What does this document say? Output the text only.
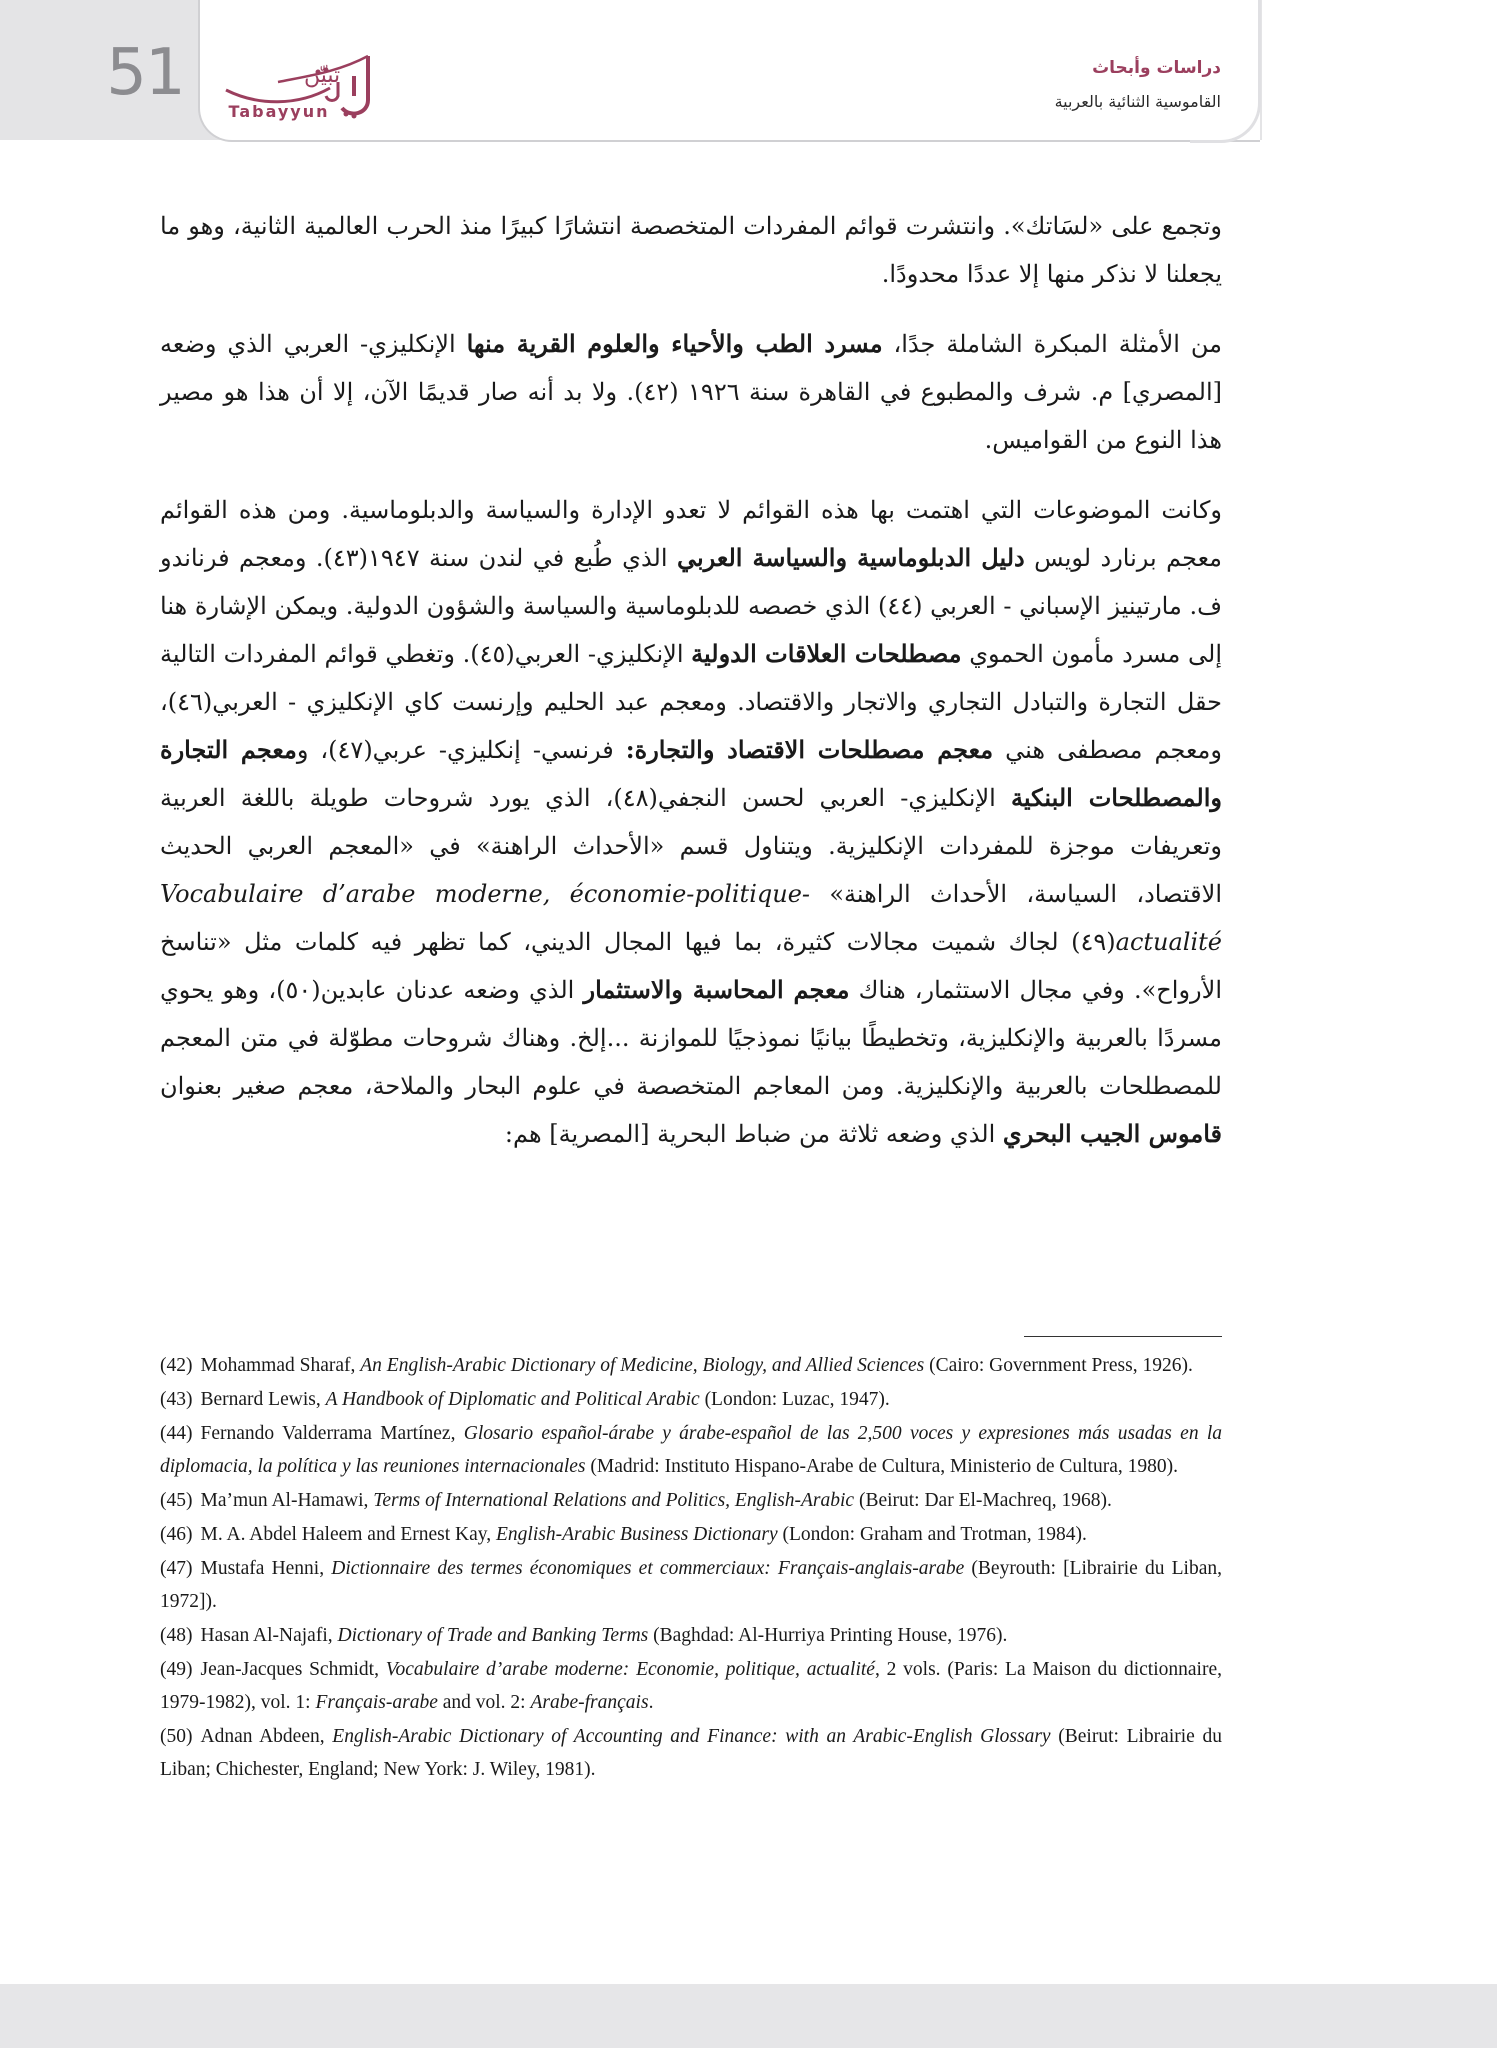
51	تبيّن
Tabayyun
دراسات وأبحاث
القاموسية الثنائية بالعربية

وتجمع على «لسَاتك». وانتشرت قوائم المفردات المتخصصة انتشارًا كبيرًا منذ الحرب العالمية الثانية، وهو ما يجعلنا لا نذكر منها إلا عددًا محدودًا.

من الأمثلة المبكرة الشاملة جدًا، مسرد الطب والأحياء والعلوم القرية منها الإنكليزي- العربي الذي وضعه [المصري] م. شرف والمطبوع في القاهرة سنة ١٩٢٦ (٤٢). ولا بد أنه صار قديمًا الآن، إلا أن هذا هو مصير هذا النوع من القواميس.

وكانت الموضوعات التي اهتمت بها هذه القوائم لا تعدو الإدارة والسياسة والدبلوماسية. ومن هذه القوائم معجم برنارد لويس دليل الدبلوماسية والسياسة العربي الذي طُبع في لندن سنة ١٩٤٧(٤٣). ومعجم فرناندو ف. مارتينيز الإسباني - العربي (٤٤) الذي خصصه للدبلوماسية والسياسة والشؤون الدولية. ويمكن الإشارة هنا إلى مسرد مأمون الحموي مصطلحات العلاقات الدولية الإنكليزي- العربي(٤٥). وتغطي قوائم المفردات التالية حقل التجارة والتبادل التجاري والاتجار والاقتصاد. ومعجم عبد الحليم وإرنست كاي الإنكليزي - العربي(٤٦)، ومعجم مصطفى هني معجم مصطلحات الاقتصاد والتجارة: فرنسي- إنكليزي- عربي(٤٧)، ومعجم التجارة والمصطلحات البنكية الإنكليزي- العربي لحسن النجفي(٤٨)، الذي يورد شروحات طويلة باللغة العربية وتعريفات موجزة للمفردات الإنكليزية. ويتناول قسم «الأحداث الراهنة» في «المعجم العربي الحديث الاقتصاد، السياسة، الأحداث الراهنة» Vocabulaire d’arabe moderne, économie-politique-actualité(٤٩) لجاك شميت مجالات كثيرة، بما فيها المجال الديني، كما تظهر فيه كلمات مثل «تناسخ الأرواح». وفي مجال الاستثمار، هناك معجم المحاسبة والاستثمار الذي وضعه عدنان عابدين(٥٠)، وهو يحوي مسردًا بالعربية والإنكليزية، وتخطيطًا بيانيًا نموذجيًا للموازنة ...إلخ. وهناك شروحات مطوّلة في متن المعجم للمصطلحات بالعربية والإنكليزية. ومن المعاجم المتخصصة في علوم البحار والملاحة، معجم صغير بعنوان قاموس الجيب البحري الذي وضعه ثلاثة من ضباط البحرية [المصرية] هم:

(42) Mohammad Sharaf, An English-Arabic Dictionary of Medicine, Biology, and Allied Sciences (Cairo: Government Press, 1926).
(43) Bernard Lewis, A Handbook of Diplomatic and Political Arabic (London: Luzac, 1947).
(44) Fernando Valderrama Martínez, Glosario español-árabe y árabe-español de las 2,500 voces y expresiones más usadas en la diplomacia, la política y las reuniones internacionales (Madrid: Instituto Hispano-Arabe de Cultura, Ministerio de Cultura, 1980).
(45) Ma’mun Al-Hamawi, Terms of International Relations and Politics, English-Arabic (Beirut: Dar El-Machreq, 1968).
(46) M. A. Abdel Haleem and Ernest Kay, English-Arabic Business Dictionary (London: Graham and Trotman, 1984).
(47) Mustafa Henni, Dictionnaire des termes économiques et commerciaux: Français-anglais-arabe (Beyrouth: [Librairie du Liban, 1972]).
(48) Hasan Al-Najafi, Dictionary of Trade and Banking Terms (Baghdad: Al-Hurriya Printing House, 1976).
(49) Jean-Jacques Schmidt, Vocabulaire d’arabe moderne: Economie, politique, actualité, 2 vols. (Paris: La Maison du dictionnaire, 1979-1982), vol. 1: Français-arabe and vol. 2: Arabe-français.
(50) Adnan Abdeen, English-Arabic Dictionary of Accounting and Finance: with an Arabic-English Glossary (Beirut: Librairie du Liban; Chichester, England; New York: J. Wiley, 1981).
